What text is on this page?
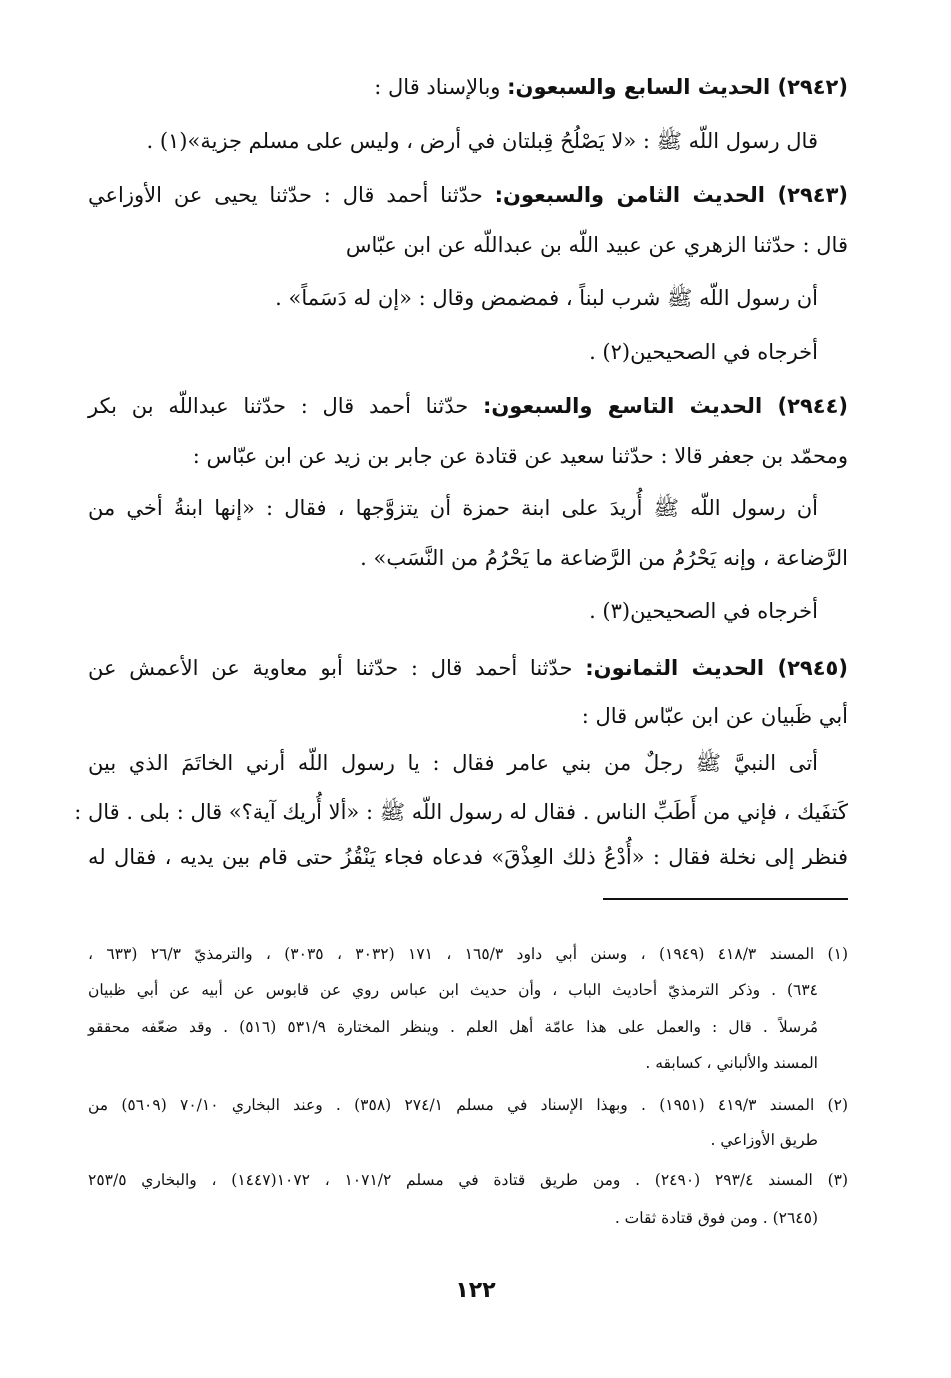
(٢٩٤٢) الحديث السابع والسبعون: وبالإسناد قال :
قال رسول اللّه ﷺ : «لا يَصْلُحُ قِبلتان في أرض ، وليس على مسلم جزية»(١) .
(٢٩٤٣) الحديث الثامن والسبعون: حدّثنا أحمد قال : حدّثنا يحيى عن الأوزاعي
قال : حدّثنا الزهري عن عبيد اللّه بن عبداللّه عن ابن عبّاس
أن رسول اللّه ﷺ شرب لبناً ، فمضمض وقال : «إن له دَسَماً» .
أخرجاه في الصحيحين(٢) .
(٢٩٤٤) الحديث التاسع والسبعون: حدّثنا أحمد قال : حدّثنا عبداللّه بن بكر
ومحمّد بن جعفر قالا : حدّثنا سعيد عن قتادة عن جابر بن زيد عن ابن عبّاس :
أن رسول اللّه ﷺ أُريدَ على ابنة حمزة أن يتزوَّجها ، فقال : «إنها ابنةُ أخي من
الرَّضاعة ، وإنه يَحْرُمُ من الرَّضاعة ما يَحْرُمُ من النَّسَب» .
أخرجاه في الصحيحين(٣) .
(٢٩٤٥) الحديث الثمانون: حدّثنا أحمد قال : حدّثنا أبو معاوية عن الأعمش عن
أبي ظَبيان عن ابن عبّاس قال :
أتى النبيَّ ﷺ رجلٌ من بني عامر فقال : يا رسول اللّه أرني الخاتَمَ الذي بين
كَتفَيك ، فإني من أَطَبِّ الناس . فقال له رسول اللّه ﷺ : «ألا أُريك آية؟» قال : بلى . قال :
فنظر إلى نخلة فقال : «أُدْعُ ذلك العِذْقَ» فدعاه فجاء يَنْقُزُ حتى قام بين يديه ، فقال له
(١) المسند ٤١٨/٣ (١٩٤٩) ، وسنن أبي داود ١٦٥/٣ ، ١٧١ (٣٠٣٢ ، ٣٠٣٥) ، والترمذيّ ٢٦/٣ (٦٣٣ ،
٦٣٤) . وذكر الترمذيّ أحاديث الباب ، وأن حديث ابن عباس روي عن قابوس عن أبيه عن أبي ظبيان
مُرسلاً . قال : والعمل على هذا عامّة أهل العلم . وينظر المختارة ٥٣١/٩ (٥١٦) . وقد ضعّفه محققو
المسند والألباني ، كسابقه .
(٢) المسند ٤١٩/٣ (١٩٥١) . وبهذا الإسناد في مسلم ٢٧٤/١ (٣٥٨) . وعند البخاري ٧٠/١٠ (٥٦٠٩) من
طريق الأوزاعي .
(٣) المسند ٢٩٣/٤ (٢٤٩٠) . ومن طريق قتادة في مسلم ١٠٧١/٢ ، ١٠٧٢(١٤٤٧) ، والبخاري ٢٥٣/٥
(٢٦٤٥) . ومن فوق قتادة ثقات .
١٢٢
